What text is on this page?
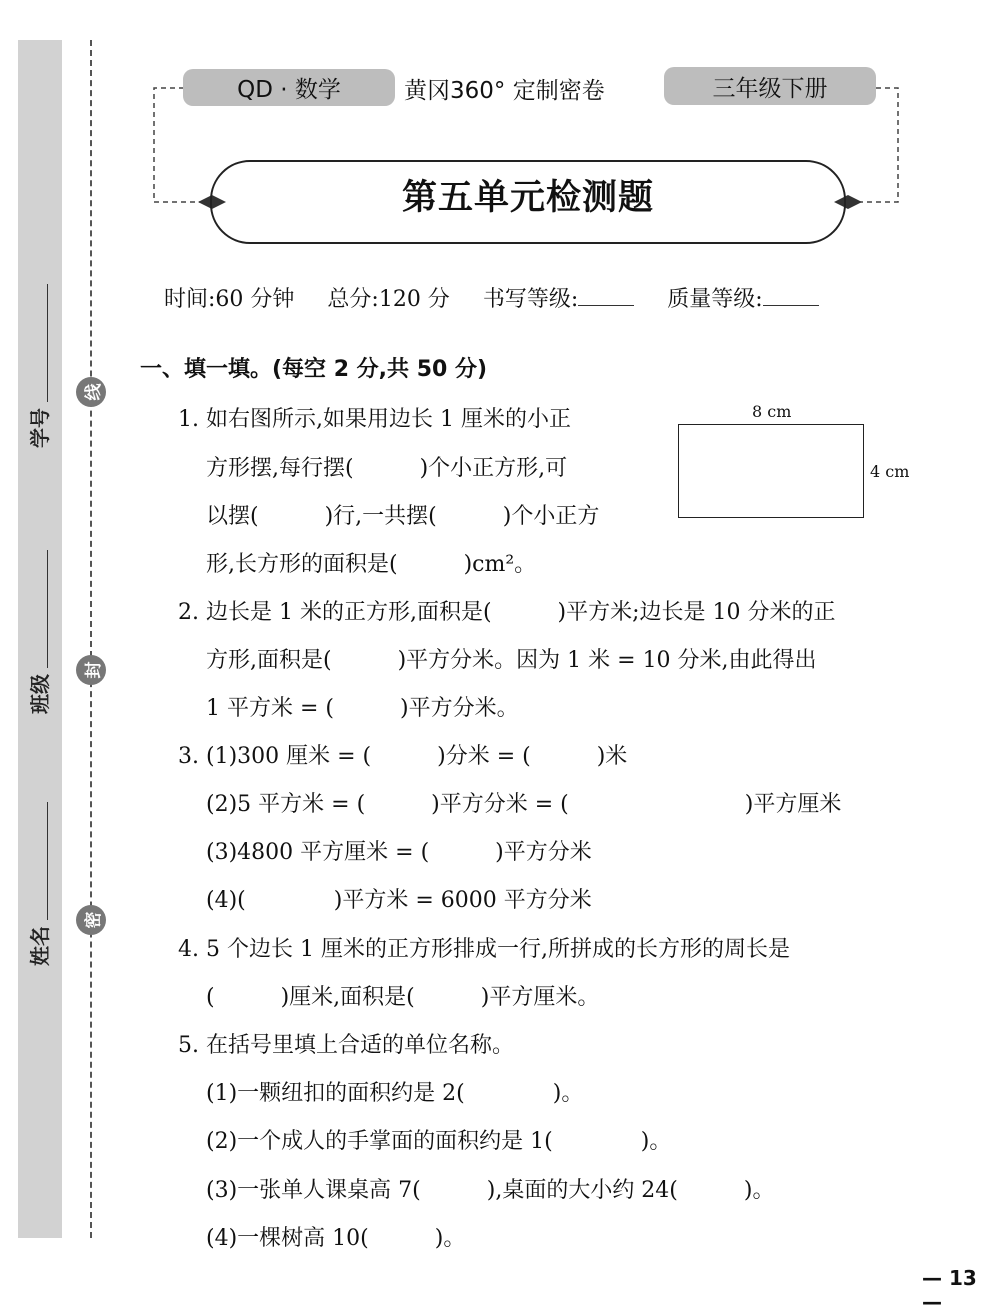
学号
班级
姓名
线
封
密
QD · 数学	黄冈360° 定制密卷	三年级下册
第五单元检测题
时间:60 分钟 总分:120 分 书写等级:	质量等级:
一、填一填。(每空 2 分,共 50 分)
8 cm
4 cm
1. 如右图所示,如果用边长 1 厘米的小正
方形摆,每行摆(　　　)个小正方形,可
以摆(　　　)行,一共摆(　　　)个小正方
形,长方形的面积是(　　　)cm²。
2. 边长是 1 米的正方形,面积是(　　　)平方米;边长是 10 分米的正
方形,面积是(　　　)平方分米。因为 1 米 = 10 分米,由此得出
1 平方米 = (　　　)平方分米。
3. (1)300 厘米 = (　　　)分米 = (　　　)米
(2)5 平方米 = (　　　)平方分米 = (　　　　　　　　)平方厘米
(3)4800 平方厘米 = (　　　)平方分米
(4)(　　　　)平方米 = 6000 平方分米
4. 5 个边长 1 厘米的正方形排成一行,所拼成的长方形的周长是
(　　　)厘米,面积是(　　　)平方厘米。
5. 在括号里填上合适的单位名称。
(1)一颗纽扣的面积约是 2(　　　　)。
(2)一个成人的手掌面的面积约是 1(　　　　)。
(3)一张单人课桌高 7(　　　),桌面的大小约 24(　　　)。
(4)一棵树高 10(　　　)。
— 13 —
